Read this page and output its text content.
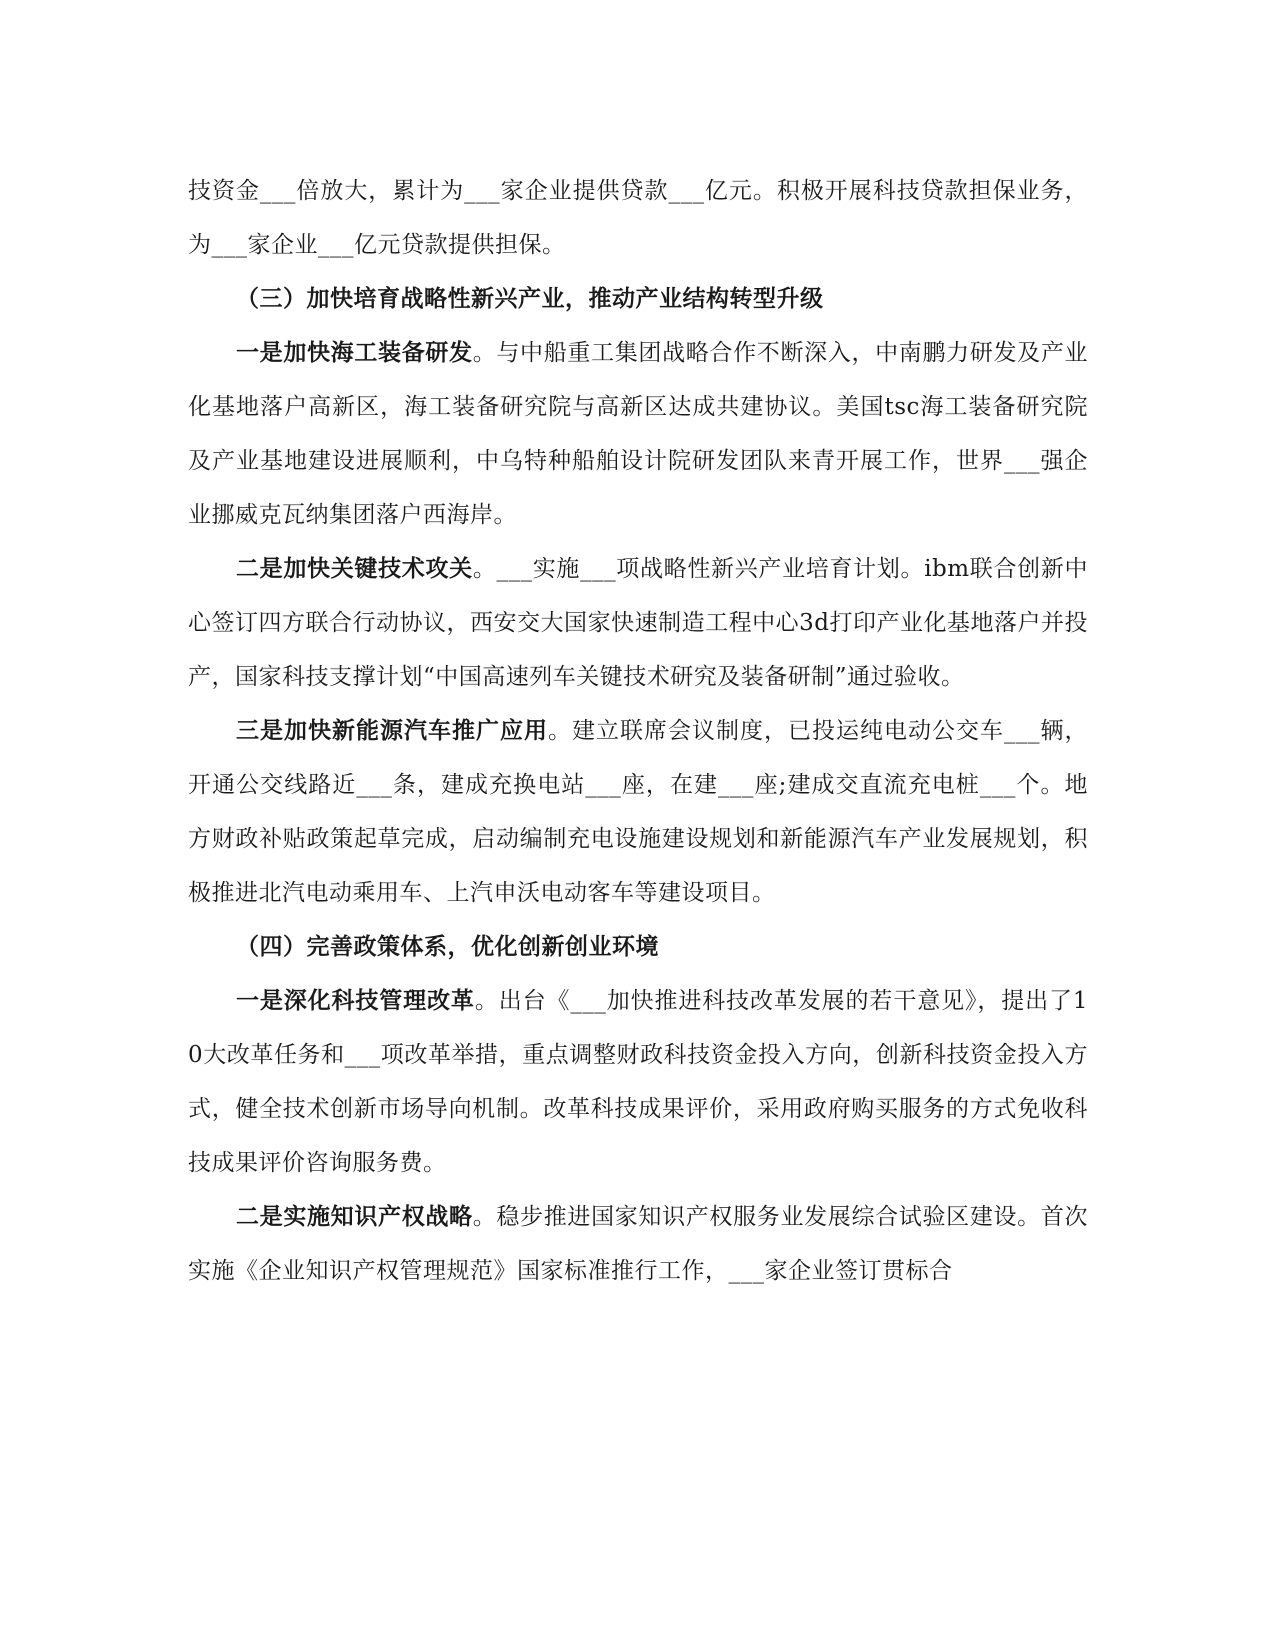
技资金___倍放大，累计为___家企业提供贷款___亿元。积极开展科技贷款担保业务，为___家企业___亿元贷款提供担保。

（三）加快培育战略性新兴产业，推动产业结构转型升级

一是加快海工装备研发。与中船重工集团战略合作不断深入，中南鹏力研发及产业化基地落户高新区，海工装备研究院与高新区达成共建协议。美国tsc海工装备研究院及产业基地建设进展顺利，中乌特种船舶设计院研发团队来青开展工作，世界___强企业挪威克瓦纳集团落户西海岸。

二是加快关键技术攻关。___实施___项战略性新兴产业培育计划。ibm联合创新中心签订四方联合行动协议，西安交大国家快速制造工程中心3d打印产业化基地落户并投产，国家科技支撑计划“中国高速列车关键技术研究及装备研制”通过验收。

三是加快新能源汽车推广应用。建立联席会议制度，已投运纯电动公交车___辆，开通公交线路近___条，建成充换电站___座，在建___座;建成交直流充电桩___个。地方财政补贴政策起草完成，启动编制充电设施建设规划和新能源汽车产业发展规划，积极推进北汽电动乘用车、上汽申沃电动客车等建设项目。

（四）完善政策体系，优化创新创业环境

一是深化科技管理改革。出台《___加快推进科技改革发展的若干意见》，提出了10大改革任务和___项改革举措，重点调整财政科技资金投入方向，创新科技资金投入方式，健全技术创新市场导向机制。改革科技成果评价，采用政府购买服务的方式免收科技成果评价咨询服务费。

二是实施知识产权战略。稳步推进国家知识产权服务业发展综合试验区建设。首次实施《企业知识产权管理规范》国家标准推行工作，___家企业签订贯标合
